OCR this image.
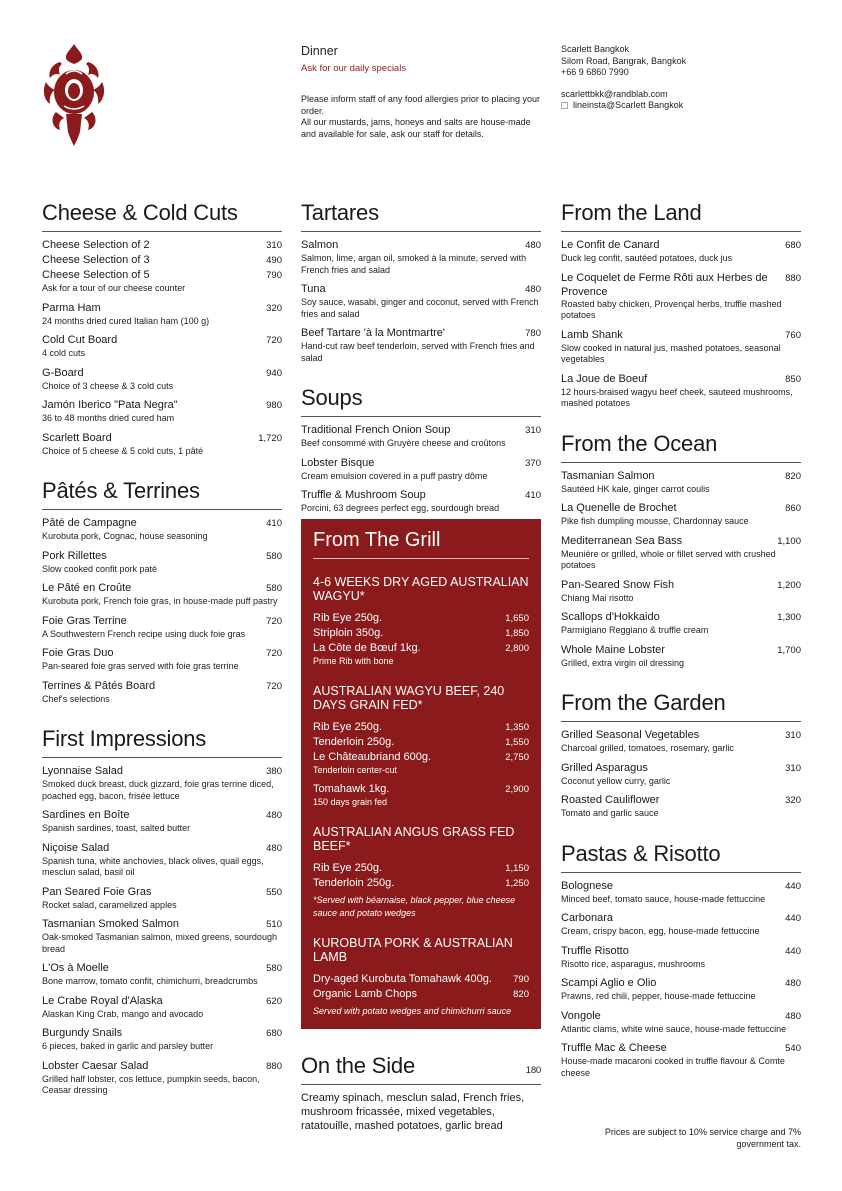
Dinner
Ask for our daily specials
Please inform staff of any food allergies prior to placing your order.
All our mustards, jams, honeys and salts are house-made and available for sale, ask our staff for details.
Scarlett Bangkok
Silom Road, Bangrak, Bangkok
+66 9 6860 7990
scarlettbkk@randblab.com
lineinsta@Scarlett Bangkok
Cheese & Cold Cuts
Cheese Selection of 2	310
Cheese Selection of 3	490
Cheese Selection of 5	790
Ask for a tour of our cheese counter
Parma Ham	320
24 months dried cured Italian ham (100 g)
Cold Cut Board	720
4 cold cuts
G-Board	940
Choice of 3 cheese & 3 cold cuts
Jamón Iberico "Pata Negra"	980
36 to 48 months dried cured ham
Scarlett Board	1,720
Choice of 5 cheese & 5 cold cuts, 1 pâté
Pâtés & Terrines
Pâté de Campagne	410
Kurobuta pork, Cognac, house seasoning
Pork Rillettes	580
Slow cooked confit pork paté
Le Pâté en Croûte	580
Kurobuta pork, French foie gras, in house-made puff pastry
Foie Gras Terrine	720
A Southwestern French recipe using duck foie gras
Foie Gras Duo	720
Pan-seared foie gras served with foie gras terrine
Terrines & Pâtés Board	720
Chef's selections
First Impressions
Lyonnaise Salad	380
Smoked duck breast, duck gizzard, foie gras terrine diced, poached egg, bacon, frisée lettuce
Sardines en Boîte	480
Spanish sardines, toast, salted butter
Niçoise Salad	480
Spanish tuna, white anchovies, black olives, quail eggs, mesclun salad, basil oil
Pan Seared Foie Gras	550
Rocket salad, caramelized apples
Tasmanian Smoked Salmon	510
Oak-smoked Tasmanian salmon, mixed greens, sourdough bread
L'Os à Moelle	580
Bone marrow, tomato confit, chimichurri, breadcrumbs
Le Crabe Royal d'Alaska	620
Alaskan King Crab, mango and avocado
Burgundy Snails	680
6 pieces, baked in garlic and parsley butter
Lobster Caesar Salad	880
Grilled half lobster, cos lettuce, pumpkin seeds, bacon, Ceasar dressing
Tartares
Salmon	480
Salmon, lime, argan oil, smoked à la minute, served with French fries and salad
Tuna	480
Soy sauce, wasabi, ginger and coconut, served with French fries and salad
Beef Tartare 'à la Montmartre'	780
Hand-cut raw beef tenderloin, served with French fries and salad
Soups
Traditional French Onion Soup	310
Beef consommé with Gruyère cheese and croûtons
Lobster Bisque	370
Cream emulsion covered in a puff pastry dôme
Truffle & Mushroom Soup	410
Porcini, 63 degrees perfect egg, sourdough bread
From the Land
Le Confit de Canard	680
Duck leg confit, sautéed potatoes, duck jus
Le Coquelet de Ferme Rôti aux Herbes de Provence
880
Roasted baby chicken, Provençal herbs, truffle mashed potatoes
Lamb Shank	760
Slow cooked in natural jus, mashed potatoes, seasonal vegetables
La Joue de Boeuf	850
12 hours-braised wagyu beef cheek, sauteed mushrooms, mashed potatoes
From the Ocean
Tasmanian Salmon	820
Sautéed HK kale, ginger carrot coulis
La Quenelle de Brochet	860
Pike fish dumpling mousse, Chardonnay sauce
Mediterranean Sea Bass	1,100
Meunière or grilled, whole or fillet served with crushed potatoes
Pan-Seared Snow Fish	1,200
Chiang Mai risotto
Scallops d'Hokkaido	1,300
Parmigiano Reggiano & truffle cream
Whole Maine Lobster	1,700
Grilled, extra virgin oil dressing
From the Garden
Grilled Seasonal Vegetables	310
Charcoal grilled, tomatoes, rosemary, garlic
Grilled Asparagus	310
Coconut yellow curry, garlic
Roasted Cauliflower	320
Tomato and garlic sauce
Pastas & Risotto
Bolognese	440
Minced beef, tomato sauce, house-made fettuccine
Carbonara	440
Cream, crispy bacon, egg, house-made fettuccine
Truffle Risotto	440
Risotto rice, asparagus, mushrooms
Scampi Aglio e Olio	480
Prawns, red chili, pepper, house-made fettuccine
Vongole	480
Atlantic clams, white wine sauce, house-made fettuccine
Truffle Mac & Cheese	540
House-made macaroni cooked in truffle flavour & Comte cheese
From The Grill
4-6 WEEKS DRY AGED AUSTRALIAN WAGYU*
Rib Eye 250g.	1,650
Striploin 350g.	1,850
La Côte de Bœuf 1kg.	2,800
Prime Rib with bone
AUSTRALIAN WAGYU BEEF, 240 DAYS GRAIN FED*
Rib Eye 250g.	1,350
Tenderloin 250g.	1,550
Le Châteaubriand 600g.	2,750
Tenderloin center-cut
Tomahawk 1kg.	2,900
150 days grain fed
AUSTRALIAN ANGUS GRASS FED BEEF*
Rib Eye 250g.	1,150
Tenderloin 250g.	1,250
*Served with béarnaise, black pepper, blue cheese sauce and potato wedges
KUROBUTA PORK & AUSTRALIAN LAMB
Dry-aged Kurobuta Tomahawk 400g.	790
Organic Lamb Chops	820
Served with potato wedges and chimichurri sauce
On the Side	180
Creamy spinach, mesclun salad, French fries, mushroom fricassée, mixed vegetables, ratatouille, mashed potatoes, garlic bread	Prices are subject to 10% service charge and 7% government tax.
